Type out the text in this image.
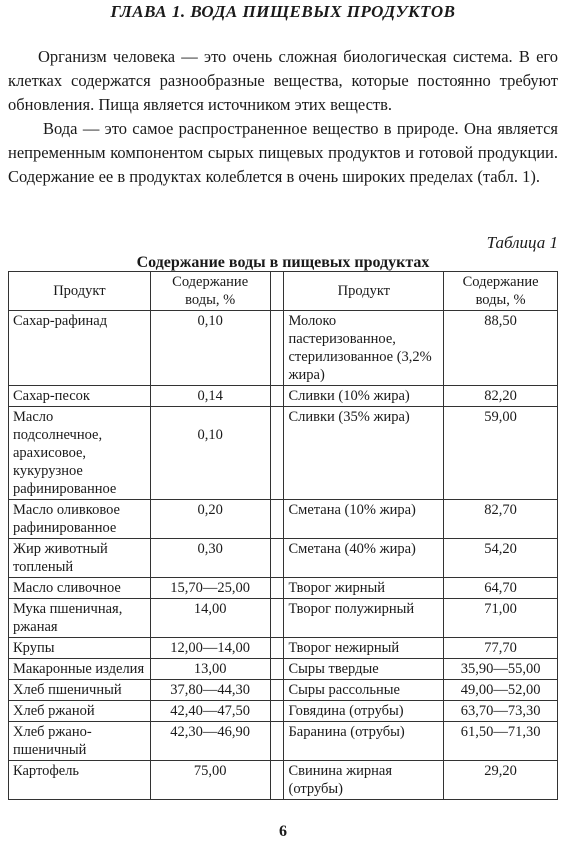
ГЛАВА 1. ВОДА ПИЩЕВЫХ ПРОДУКТОВ

Организм человека — это очень сложная биологическая система. В его клетках содержатся разнообразные вещества, которые постоянно требуют обновления. Пища является источником этих веществ.

Вода — это самое распространенное вещество в природе. Она является непременным компонентом сырых пищевых продуктов и готовой продукции. Содержание ее в продуктах колеблется в очень широких пределах (табл. 1).

Таблица 1
Содержание воды в пищевых продуктах
Продукт	Содержание воды, %		Продукт	Содержание воды, %
Сахар-рафинад	0,10		Молоко пастеризованное, стерилизованное (3,2% жира)	88,50
Сахар-песок	0,14		Сливки (10% жира)	82,20
Масло подсолнечное, арахисовое, кукурузное рафинированное	0,10		Сливки (35% жира)	59,00
Масло оливковое рафинированное	0,20		Сметана (10% жира)	82,70
Жир животный топленый	0,30		Сметана (40% жира)	54,20
Масло сливочное	15,70—25,00		Творог жирный	64,70
Мука пшеничная, ржаная	14,00		Творог полужирный	71,00
Крупы	12,00—14,00		Творог нежирный	77,70
Макаронные изделия	13,00		Сыры твердые	35,90—55,00
Хлеб пшеничный	37,80—44,30		Сыры рассольные	49,00—52,00
Хлеб ржаной	42,40—47,50		Говядина (отрубы)	63,70—73,30
Хлеб ржано-пшеничный	42,30—46,90		Баранина (отрубы)	61,50—71,30
Картофель	75,00		Свинина жирная (отрубы)	29,20
6
